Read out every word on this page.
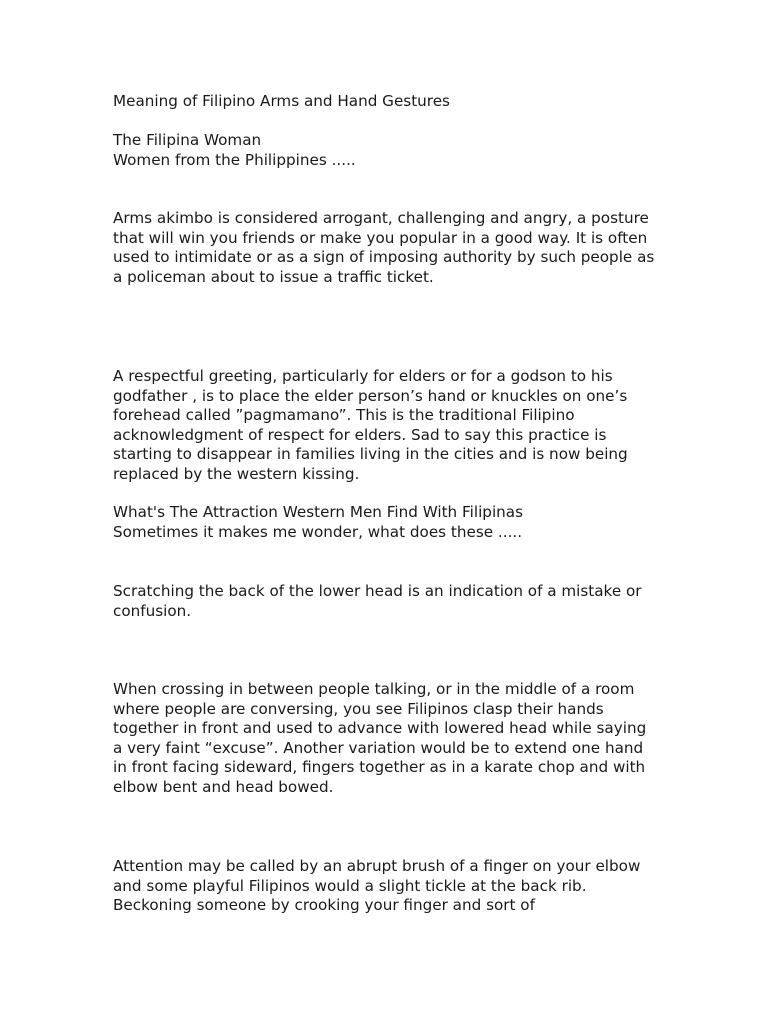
Meaning of Filipino Arms and Hand Gestures

The Filipina Woman

Women from the Philippines .....

Arms akimbo is considered arrogant, challenging and angry, a posture that will win you friends or make you popular in a good way. It is often used to intimidate or as a sign of imposing authority by such people as a policeman about to issue a traffic ticket.

A respectful greeting, particularly for elders or for a godson to his godfather , is to place the elder person’s hand or knuckles on one’s forehead called ”pagmamano”. This is the traditional Filipino acknowledgment of respect for elders. Sad to say this practice is starting to disappear in families living in the cities and is now being replaced by the western kissing.

What's The Attraction Western Men Find With Filipinas

Sometimes it makes me wonder, what does these .....

Scratching the back of the lower head is an indication of a mistake or confusion.

When crossing in between people talking, or in the middle of a room where people are conversing, you see Filipinos clasp their hands together in front and used to advance with lowered head while saying a very faint “excuse”. Another variation would be to extend one hand in front facing sideward, fingers together as in a karate chop and with elbow bent and head bowed.

Attention may be called by an abrupt brush of a finger on your elbow and some playful Filipinos would a slight tickle at the back rib. Beckoning someone by crooking your finger and sort of
